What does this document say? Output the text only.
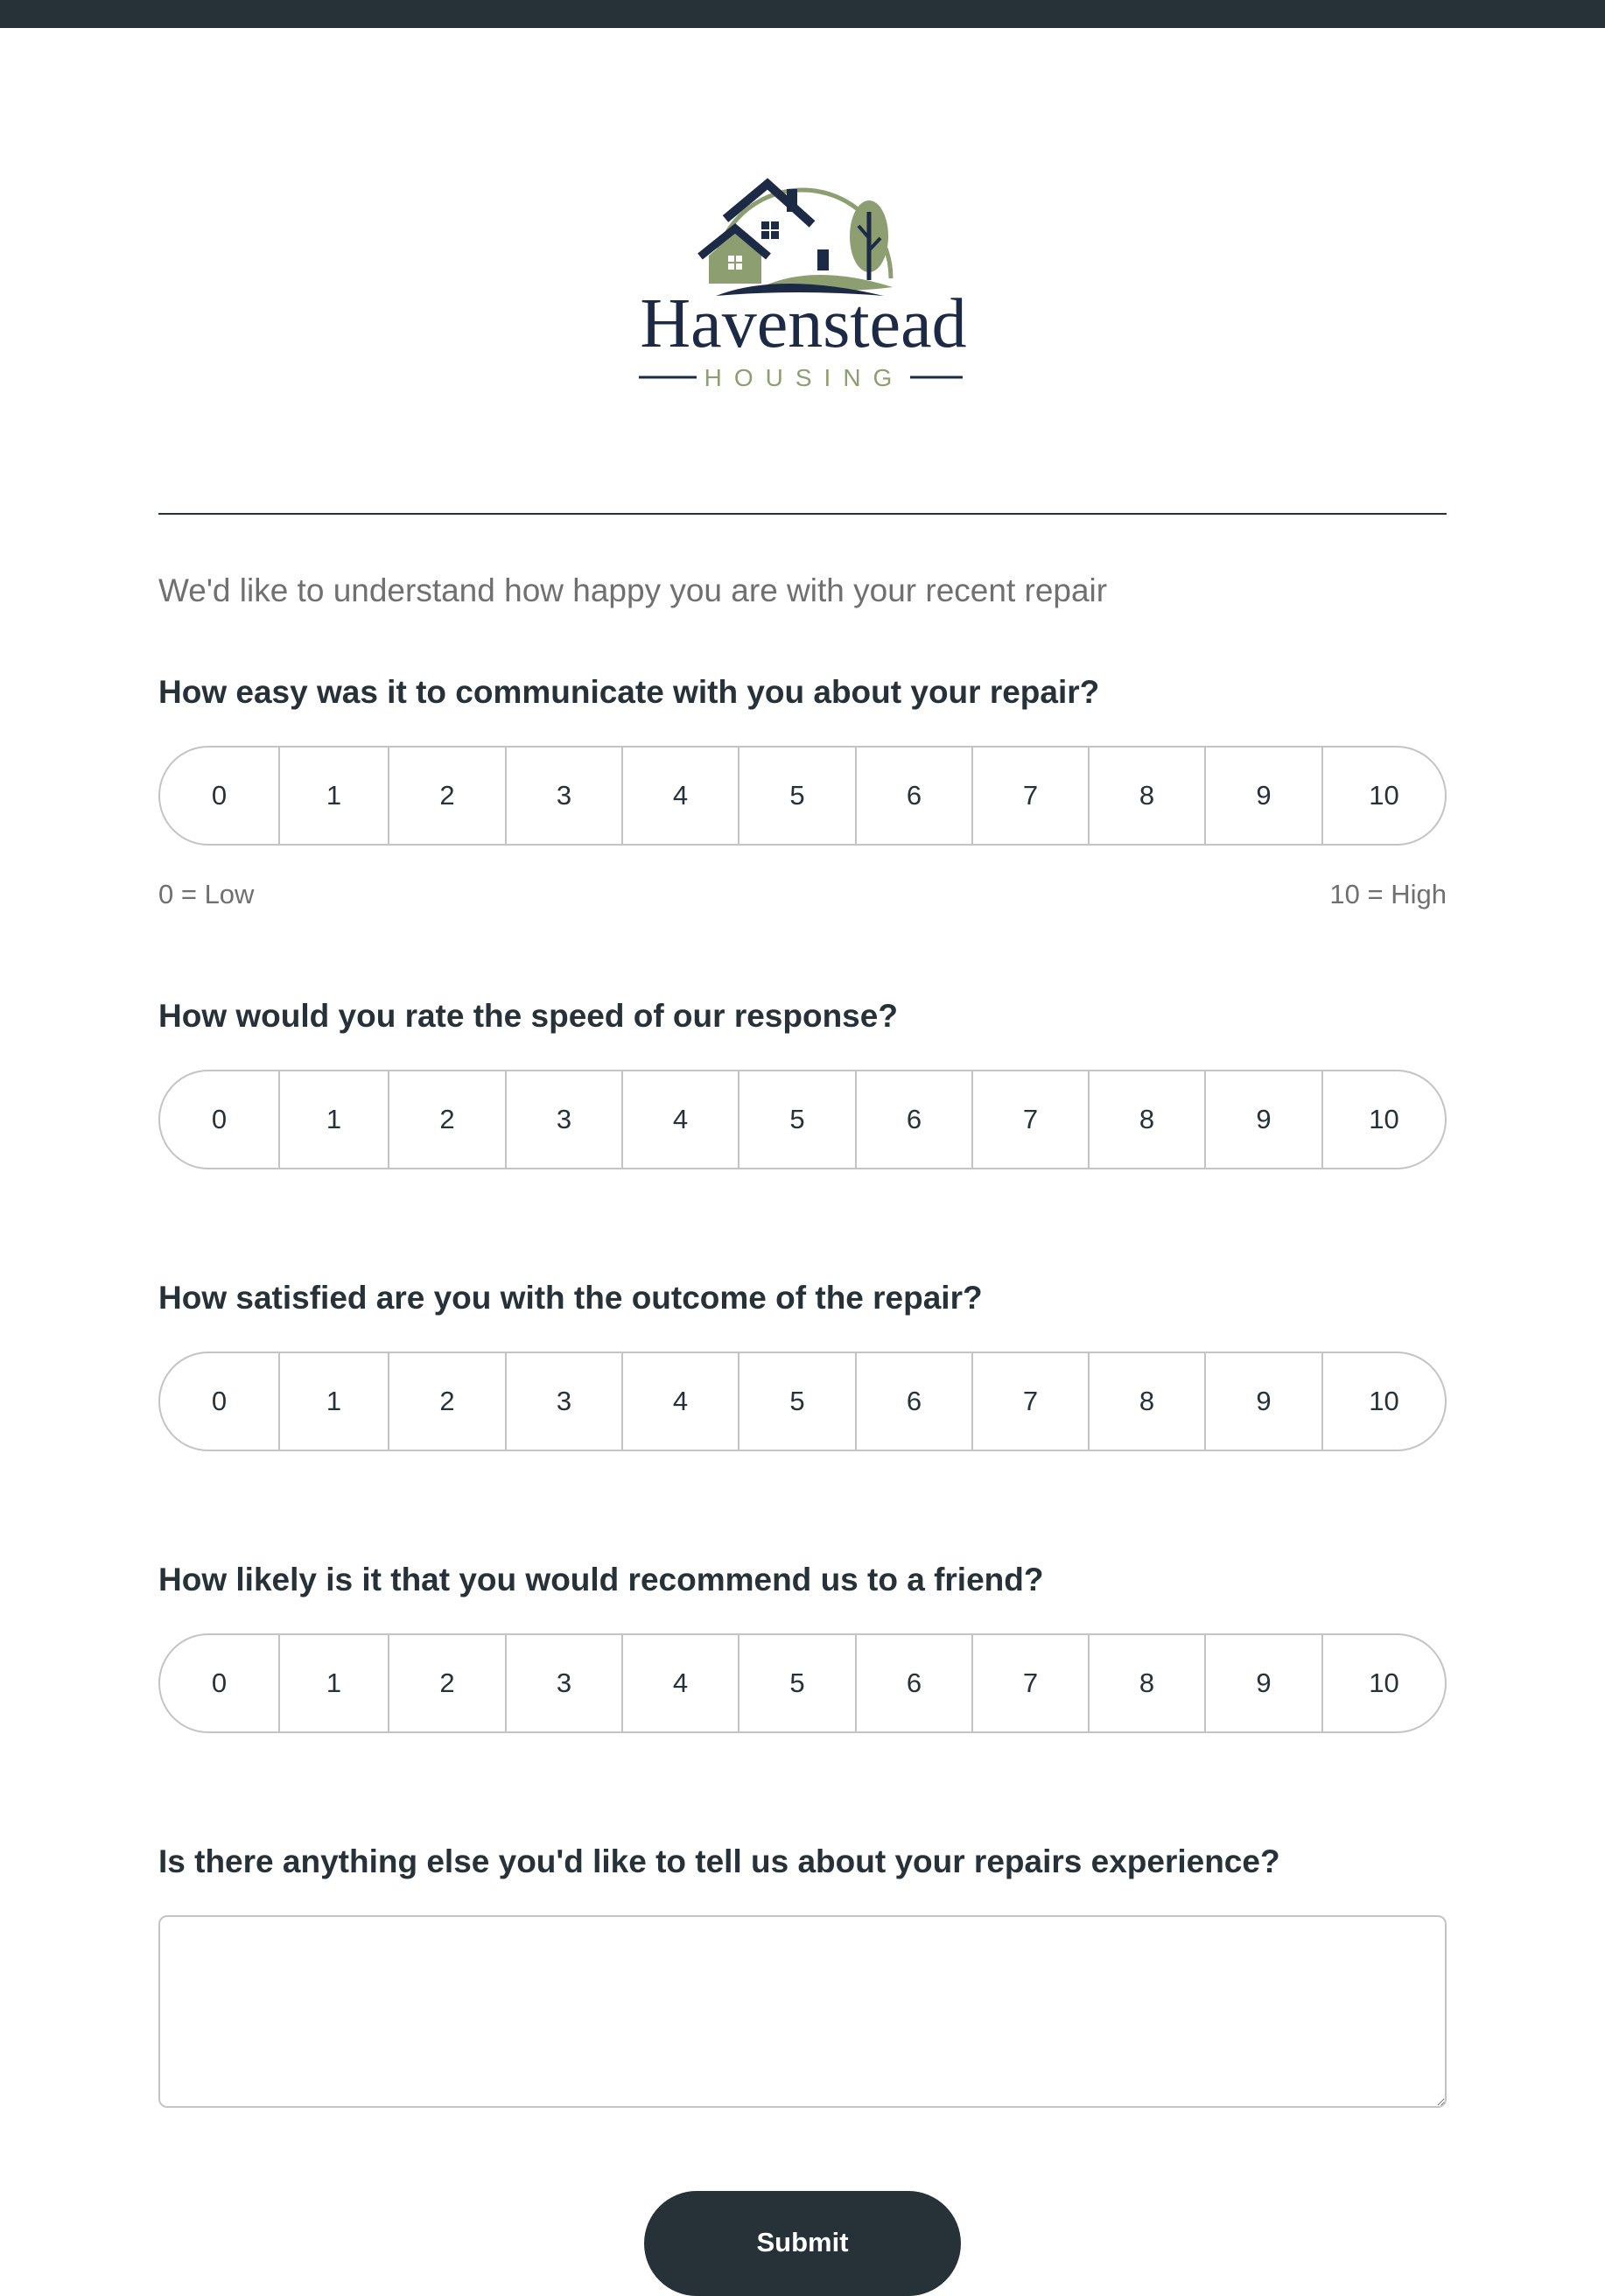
Havenstead
HOUSING
We'd like to understand how happy you are with your recent repair
How easy was it to communicate with you about your repair?
0	1	2	3	4	5	6	7	8	9	10
0 = Low	10 = High
How would you rate the speed of our response?
0	1	2	3	4	5	6	7	8	9	10
How satisfied are you with the outcome of the repair?
0	1	2	3	4	5	6	7	8	9	10
How likely is it that you would recommend us to a friend?
0	1	2	3	4	5	6	7	8	9	10
Is there anything else you'd like to tell us about your repairs experience?
Submit
